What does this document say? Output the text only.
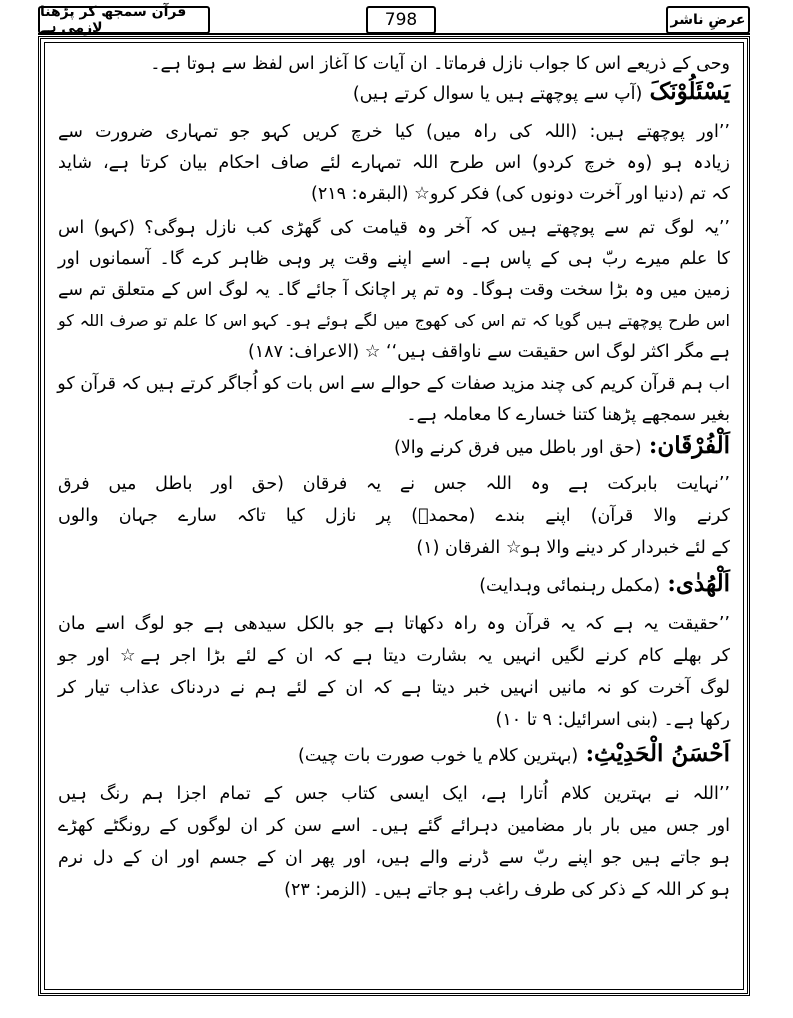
قرآن سمجھ کر پڑھنا لازمی ہے	798	عرضِ ناشر
وحی کے ذریعے اس کا جواب نازل فرماتا۔ ان آیات کا آغاز اس لفظ سے ہوتا ہے۔
یَسْئَلُوْنَکَ (آپ سے پوچھتے ہیں یا سوال کرتے ہیں)
’’اور پوچھتے ہیں: (اللہ کی راہ میں) کیا خرچ کریں کہو جو تمہاری ضرورت سے
زیادہ ہو (وہ خرچ کردو) اس طرح اللہ تمہارے لئے صاف احکام بیان کرتا ہے، شاید
کہ تم (دنیا اور آخرت دونوں کی) فکر کرو☆ (البقرہ: ۲۱۹)
’’یہ لوگ تم سے پوچھتے ہیں کہ آخر وہ قیامت کی گھڑی کب نازل ہوگی؟ (کہو) اس
کا علم میرے ربّ ہی کے پاس ہے۔ اسے اپنے وقت پر وہی ظاہر کرے گا۔ آسمانوں اور
زمین میں وہ بڑا سخت وقت ہوگا۔ وہ تم پر اچانک آ جائے گا۔ یہ لوگ اس کے متعلق تم سے
اس طرح پوچھتے ہیں گویا کہ تم اس کی کھوج میں لگے ہوئے ہو۔ کہو اس کا علم تو صرف اللہ کو
ہے مگر اکثر لوگ اس حقیقت سے ناواقف ہیں‘‘ ☆ (الاعراف: ۱۸۷)
اب ہم قرآن کریم کی چند مزید صفات کے حوالے سے اس بات کو اُجاگر کرتے ہیں کہ قرآن کو
بغیر سمجھے پڑھنا کتنا خسارے کا معاملہ ہے۔
اَلْفُرْقَان: (حق اور باطل میں فرق کرنے والا)
’’نہایت بابرکت ہے وہ اللہ جس نے یہ فرقان (حق اور باطل میں فرق
کرنے والا قرآن) اپنے بندے (محمدؐ) پر نازل کیا تاکہ سارے جہان والوں
کے لئے خبردار کر دینے والا ہو☆ الفرقان (۱)
اَلْھُدٰی: (مکمل رہنمائی وہدایت)
’’حقیقت یہ ہے کہ یہ قرآن وہ راہ دکھاتا ہے جو بالکل سیدھی ہے جو لوگ اسے مان
کر بھلے کام کرنے لگیں انہیں یہ بشارت دیتا ہے کہ ان کے لئے بڑا اجر ہے☆ اور جو
لوگ آخرت کو نہ مانیں انہیں خبر دیتا ہے کہ ان کے لئے ہم نے دردناک عذاب تیار کر
رکھا ہے۔ (بنی اسرائیل: ۹ تا ۱۰)
اَحْسَنُ الْحَدِیْثِ: (بہترین کلام یا خوب صورت بات چیت)
’’اللہ نے بہترین کلام اُتارا ہے، ایک ایسی کتاب جس کے تمام اجزا ہم رنگ ہیں
اور جس میں بار بار مضامین دہرائے گئے ہیں۔ اسے سن کر ان لوگوں کے رونگٹے کھڑے
ہو جاتے ہیں جو اپنے ربّ سے ڈرنے والے ہیں، اور پھر ان کے جسم اور ان کے دل نرم
ہو کر اللہ کے ذکر کی طرف راغب ہو جاتے ہیں۔ (الزمر: ۲۳)
